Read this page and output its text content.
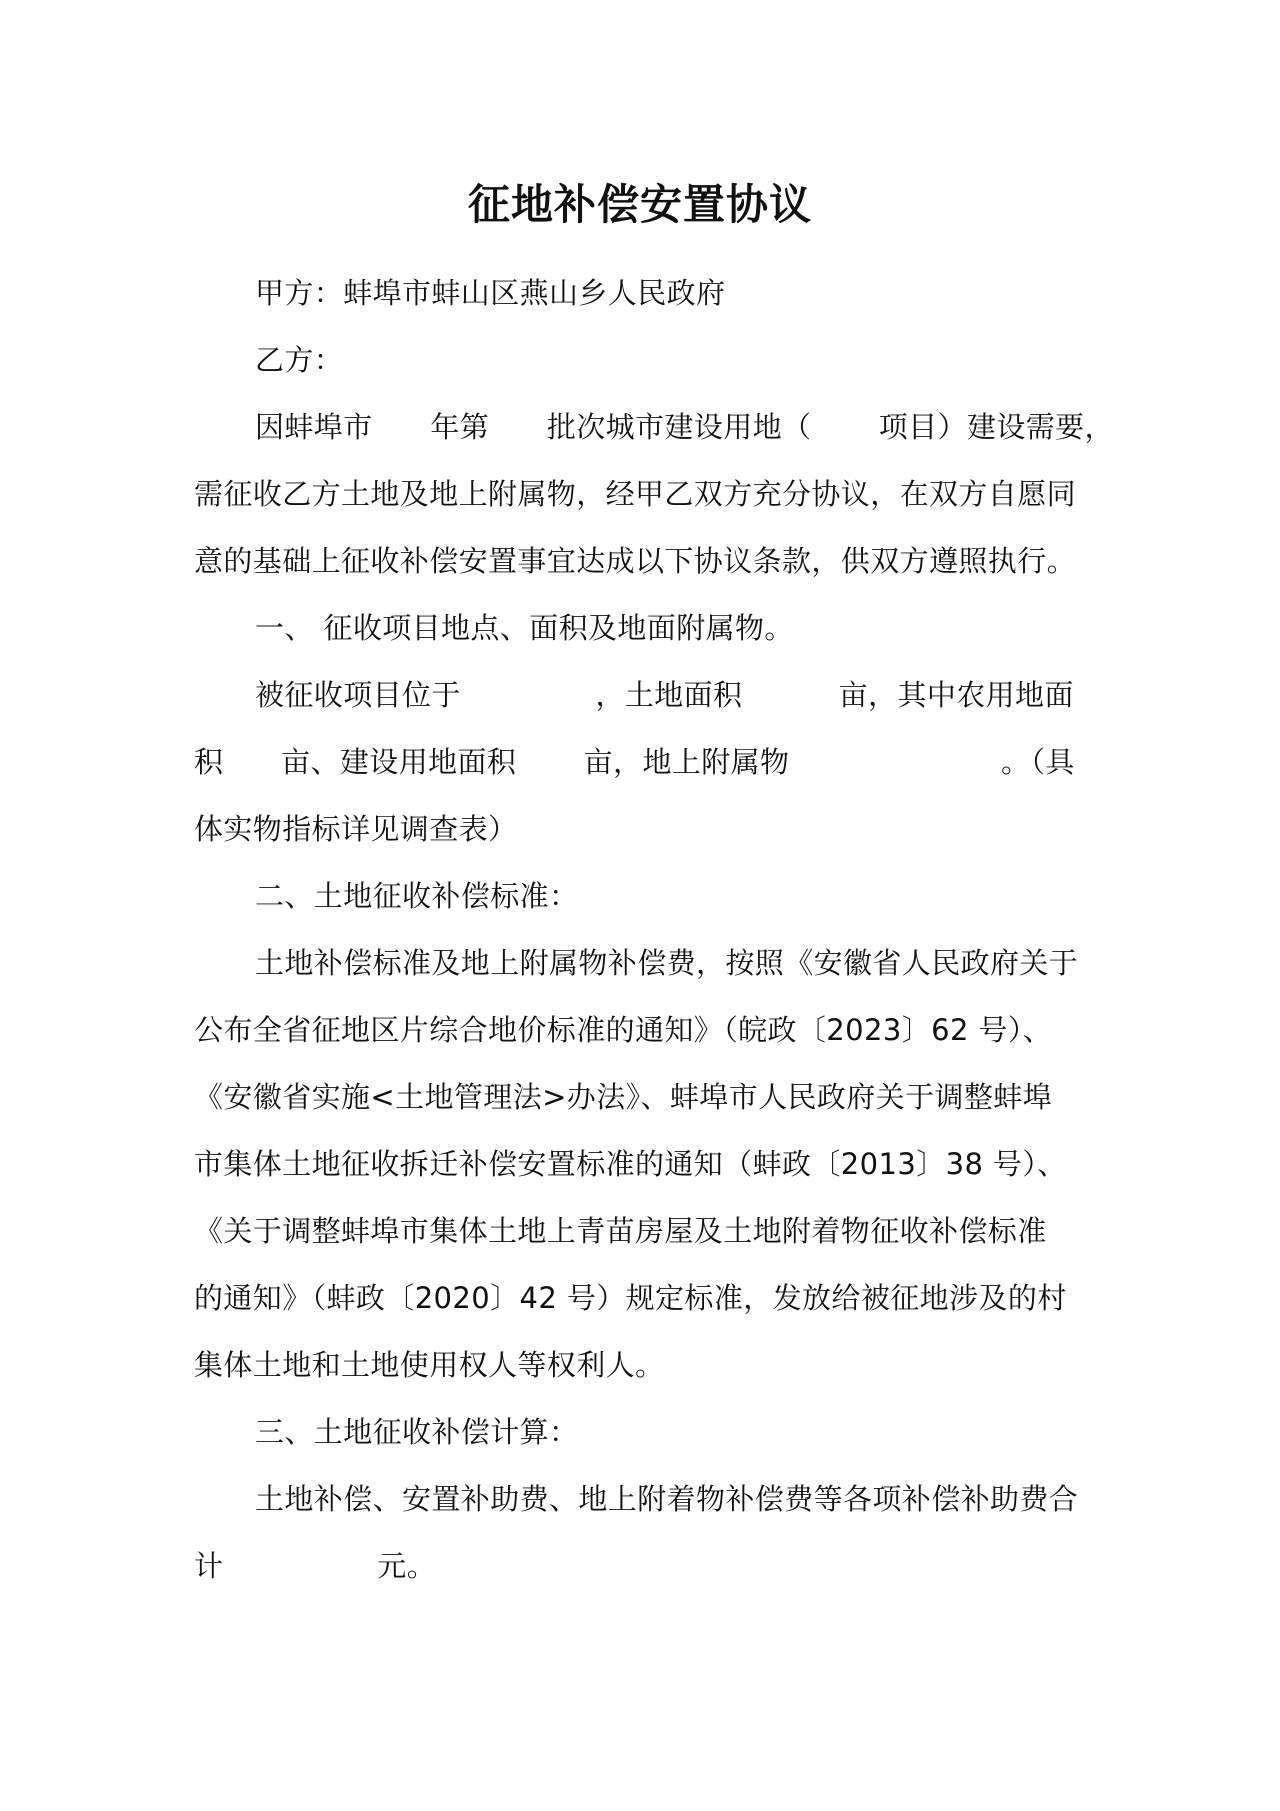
征地补偿安置协议
甲方：蚌埠市蚌山区燕山乡人民政府
乙方：
因蚌埠市      年第      批次城市建设用地（       项目）建设需要，
需征收乙方土地及地上附属物，经甲乙双方充分协议，在双方自愿同
意的基础上征收补偿安置事宜达成以下协议条款，供双方遵照执行。
一、 征收项目地点、面积及地面附属物。
被征收项目位于              ，土地面积          亩，其中农用地面
积      亩、建设用地面积       亩，地上附属物                      。（具
体实物指标详见调查表）
二、土地征收补偿标准：
土地补偿标准及地上附属物补偿费，按照《安徽省人民政府关于
公布全省征地区片综合地价标准的通知》（皖政〔2023〕62 号）、
《安徽省实施<土地管理法>办法》、蚌埠市人民政府关于调整蚌埠
市集体土地征收拆迁补偿安置标准的通知（蚌政〔2013〕38 号）、
《关于调整蚌埠市集体土地上青苗房屋及土地附着物征收补偿标准
的通知》（蚌政〔2020〕42 号）规定标准，发放给被征地涉及的村
集体土地和土地使用权人等权利人。
三、土地征收补偿计算：
土地补偿、安置补助费、地上附着物补偿费等各项补偿补助费合
计                元。
